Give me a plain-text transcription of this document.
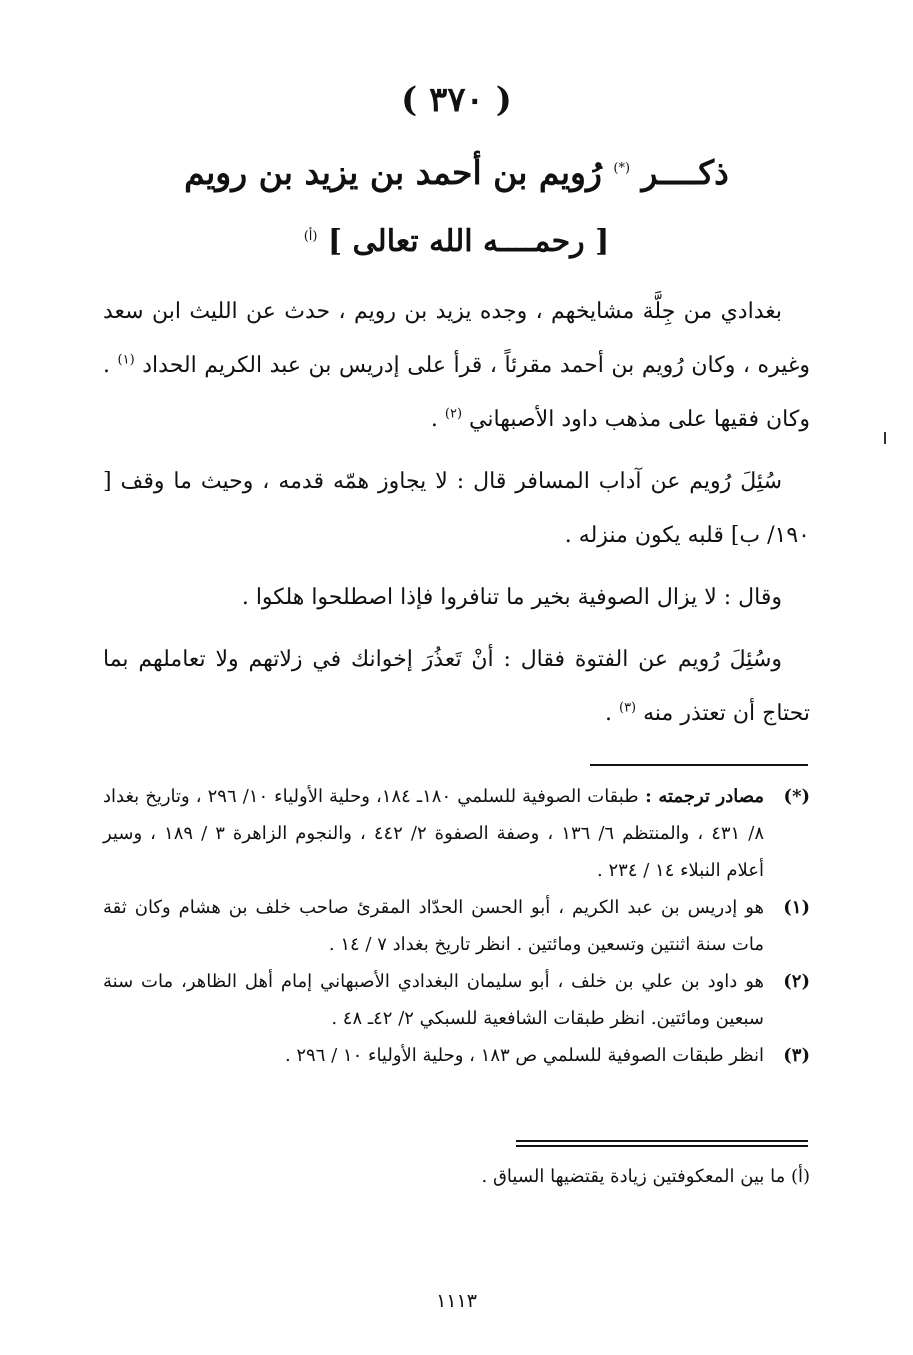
( ٣٧٠ )
ذكــــر (*) رُويم بن أحمد بن يزيد بن رويم
[ رحمــــه الله تعالى ] $^{(أ)}$

بغدادي من جِلَّة مشايخهم ، وجده يزيد بن رويم ، حدث عن الليث ابن سعد وغيره ، وكان رُويم بن أحمد مقرئاً ، قرأ على إدريس بن عبد الكريم الحداد $^{(١)}$ . وكان فقيها على مذهب داود الأصبهاني $^{(٢)}$ .

سُئِلَ رُويم عن آداب المسافر قال : لا يجاوز همّه قدمه ، وحيث ما وقف [ ١٩٠/ ب] قلبه يكون منزله .

وقال : لا يزال الصوفية بخير ما تنافروا فإذا اصطلحوا هلكوا .

وسُئِلَ رُويم عن الفتوة فقال : أنْ تَعذُرَ إخوانك في زلاتهم ولا تعاملهم بما تحتاج أن تعتذر منه $^{(٣)}$ .

(*)
مصادر ترجمته : طبقات الصوفية للسلمي ١٨٠ـ ١٨٤، وحلية الأولياء ١٠/ ٢٩٦ ، وتاريخ بغداد ٨/ ٤٣١ ، والمنتظم ٦/ ١٣٦ ، وصفة الصفوة ٢/ ٤٤٢ ، والنجوم الزاهرة ٣ / ١٨٩ ، وسير أعلام النبلاء ١٤ / ٢٣٤ .
(١)
هو إدريس بن عبد الكريم ، أبو الحسن الحدّاد المقرئ صاحب خلف بن هشام وكان ثقة مات سنة اثنتين وتسعين ومائتين . انظر تاريخ بغداد ٧ / ١٤ .
(٢)
هو داود بن علي بن خلف ، أبو سليمان البغدادي الأصبهاني إمام أهل الظاهر، مات سنة سبعين ومائتين. انظر طبقات الشافعية للسبكي ٢/ ٤٢ـ ٤٨ .
(٣)
انظر طبقات الصوفية للسلمي ص ١٨٣ ، وحلية الأولياء ١٠ / ٢٩٦ .
(أ) ما بين المعكوفتين زيادة يقتضيها السياق .
١١١٣
